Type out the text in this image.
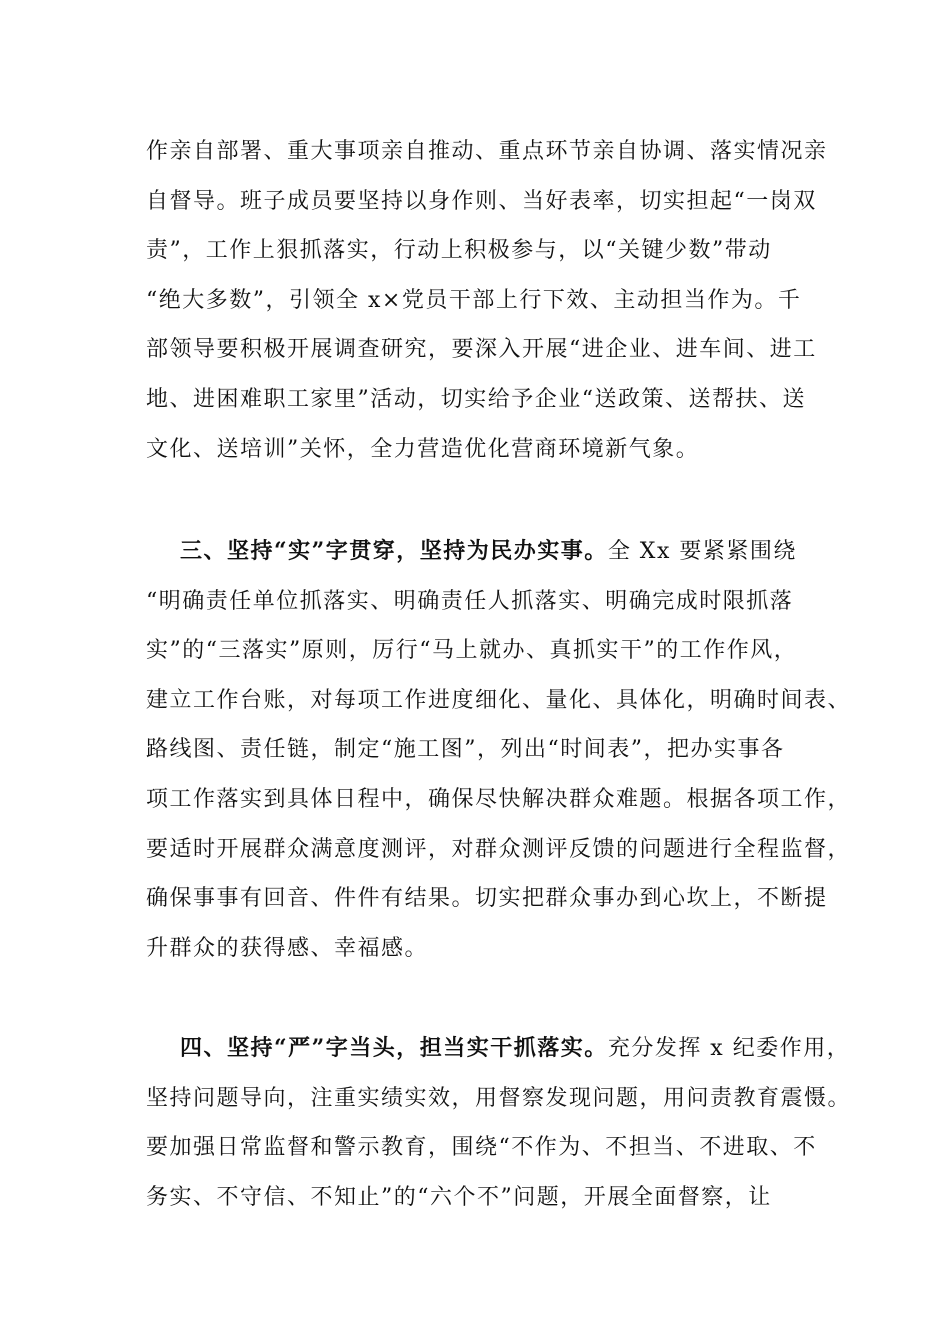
作亲自部署、重大事项亲自推动、重点环节亲自协调、落实情况亲
自督导。班子成员要坚持以身作则、当好表率，切实担起“一岗双
责”，工作上狠抓落实，行动上积极参与，以“关键少数”带动
“绝大多数”，引领全 x×党员干部上行下效、主动担当作为。千
部领导要积极开展调查研究，要深入开展“进企业、进车间、进工
地、进困难职工家里”活动，切实给予企业“送政策、送帮扶、送
文化、送培训”关怀，全力营造优化营商环境新气象。
三、坚持“实”字贯穿，坚持为民办实事。全 Xx 要紧紧围绕
“明确责任单位抓落实、明确责任人抓落实、明确完成时限抓落
实”的“三落实”原则，厉行“马上就办、真抓实干”的工作作风，
建立工作台账，对每项工作进度细化、量化、具体化，明确时间表、
路线图、责任链，制定“施工图”，列出“时间表”，把办实事各
项工作落实到具体日程中，确保尽快解决群众难题。根据各项工作，
要适时开展群众满意度测评，对群众测评反馈的问题进行全程监督，
确保事事有回音、件件有结果。切实把群众事办到心坎上，不断提
升群众的获得感、幸福感。
四、坚持“严”字当头，担当实干抓落实。充分发挥 x 纪委作用，
坚持问题导向，注重实绩实效，用督察发现问题，用问责教育震慑。
要加强日常监督和警示教育，围绕“不作为、不担当、不进取、不
务实、不守信、不知止”的“六个不”问题，开展全面督察，让
